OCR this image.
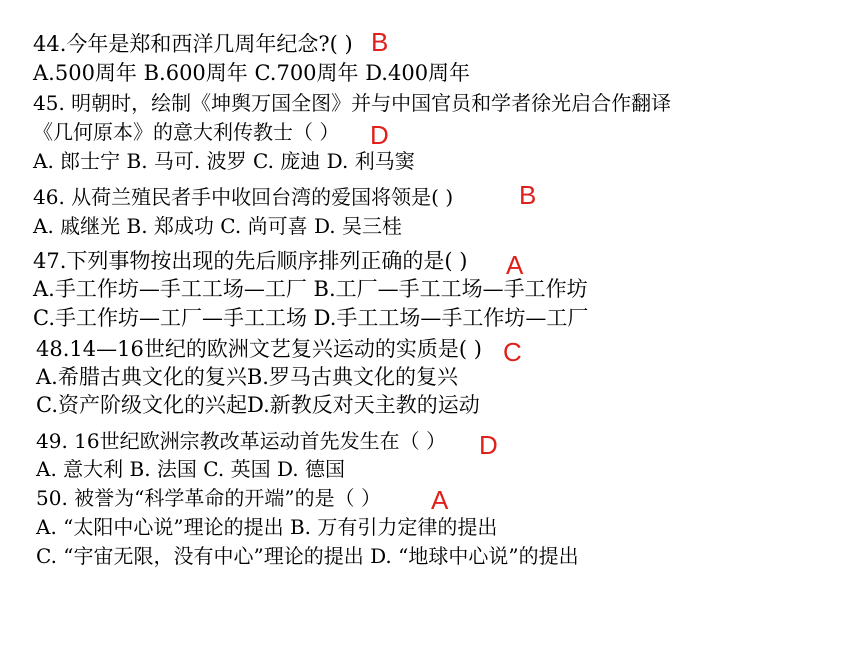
44.今年是郑和西洋几周年纪念?( ) B
A.500周年 B.600周年 C.700周年 D.400周年
45. 明朝时，绘制《坤舆万国全图》并与中国官员和学者徐光启合作翻译
《几何原本》的意大利传教士（ ） D
A. 郎士宁 B. 马可. 波罗 C. 庞迪 D. 利马窦
46. 从荷兰殖民者手中收回台湾的爱国将领是( )	B
A. 戚继光 B. 郑成功 C. 尚可喜 D. 吴三桂
47.下列事物按出现的先后顺序排列正确的是( ) A
A.手工作坊—手工工场—工厂 B.工厂—手工工场—手工作坊
C.手工作坊—工厂—手工工场 D.手工工场—手工作坊—工厂
48.14—16世纪的欧洲文艺复兴运动的实质是( ) C
A.希腊古典文化的复兴B.罗马古典文化的复兴
C.资产阶级文化的兴起D.新教反对天主教的运动
49. 16世纪欧洲宗教改革运动首先发生在（ ） D
A. 意大利 B. 法国 C. 英国 D. 德国
50. 被誉为“科学革命的开端”的是（ ） A
A. “太阳中心说”理论的提出 B. 万有引力定律的提出
C. “宇宙无限，没有中心”理论的提出 D. “地球中心说”的提出
